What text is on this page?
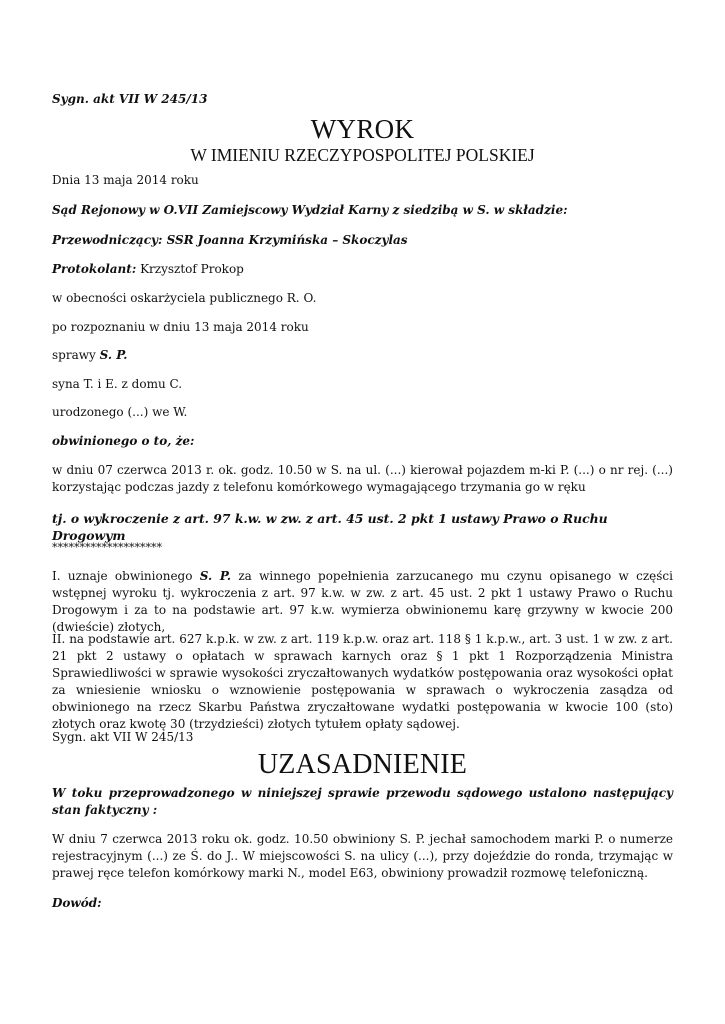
Sygn. akt VII W 245/13

WYROK

W IMIENIU RZECZYPOSPOLITEJ POLSKIEJ

Dnia 13 maja 2014 roku

Sąd Rejonowy w O.VII Zamiejscowy Wydział Karny z siedzibą w S. w składzie:

Przewodniczący: SSR Joanna Krzymińska – Skoczylas

Protokolant: Krzysztof Prokop

w obecności oskarżyciela publicznego R. O.

po rozpoznaniu w dniu 13 maja 2014 roku

sprawy S. P.

syna T. i E. z domu C.

urodzonego (...) we W.

obwinionego o to, że:

w dniu 07 czerwca 2013 r. ok. godz. 10.50 w S. na ul. (...) kierował pojazdem m-ki P. (...) o nr rej. (...) korzystając podczas jazdy z telefonu komórkowego wymagającego trzymania go w ręku

tj. o wykroczenie z art. 97 k.w. w zw. z art. 45 ust. 2 pkt 1 ustawy Prawo o Ruchu Drogowym

********************

I. uznaje obwinionego S. P. za winnego popełnienia zarzucanego mu czynu opisanego w części wstępnej wyroku tj. wykroczenia z art. 97 k.w. w zw. z art. 45 ust. 2 pkt 1 ustawy Prawo o Ruchu Drogowym i za to na podstawie art. 97 k.w. wymierza obwinionemu karę grzywny w kwocie 200 (dwieście) złotych,

II. na podstawie art. 627 k.p.k. w zw. z art. 119 k.p.w. oraz art. 118 § 1 k.p.w., art. 3 ust. 1 w zw. z art. 21 pkt 2 ustawy o opłatach w sprawach karnych oraz § 1 pkt 1 Rozporządzenia Ministra Sprawiedliwości w sprawie wysokości zryczałtowanych wydatków postępowania oraz wysokości opłat za wniesienie wniosku o wznowienie postępowania w sprawach o wykroczenia zasądza od obwinionego na rzecz Skarbu Państwa zryczałtowane wydatki postępowania w kwocie 100 (sto) złotych oraz kwotę 30 (trzydzieści) złotych tytułem opłaty sądowej.

Sygn. akt VII W 245/13

UZASADNIENIE

W toku przeprowadzonego w niniejszej sprawie przewodu sądowego ustalono następujący stan faktyczny :

W dniu 7 czerwca 2013 roku ok. godz. 10.50 obwiniony S. P. jechał samochodem marki P. o numerze rejestracyjnym (...) ze Ś. do J.. W miejscowości S. na ulicy (...), przy dojeździe do ronda, trzymając w prawej ręce telefon komórkowy marki N., model E63, obwiniony prowadził rozmowę telefoniczną.

Dowód:
